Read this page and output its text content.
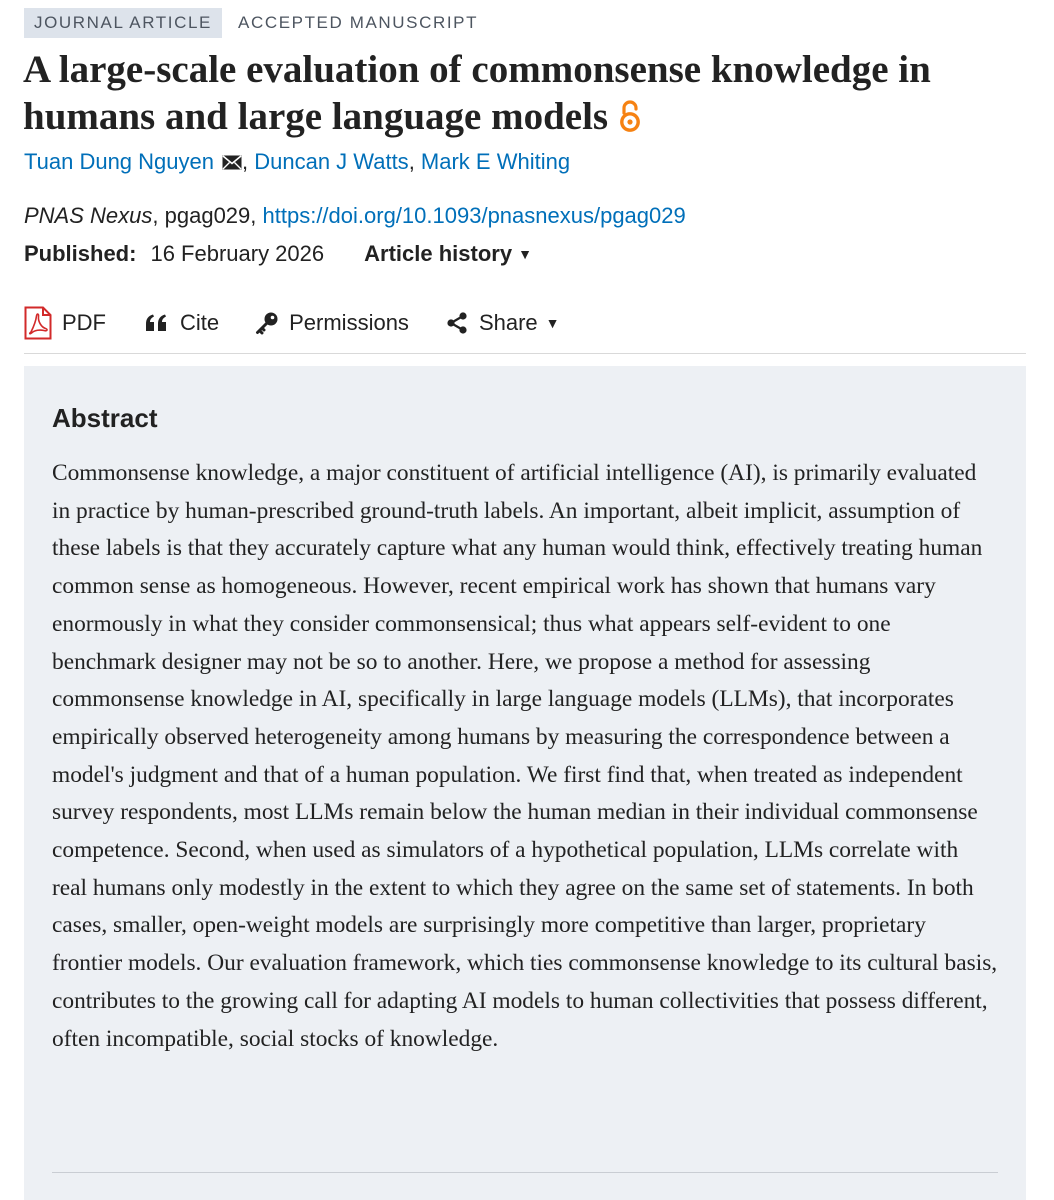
JOURNAL ARTICLE	ACCEPTED MANUSCRIPT
A large-scale evaluation of commonsense knowledge in humans and large language models
Tuan Dung Nguyen , Duncan J Watts, Mark E Whiting
PNAS Nexus, pgag029, https://doi.org/10.1093/pnasnexus/pgag029
Published: 16 February 2026 Article history ▼
PDF	Cite	Permissions	Share ▼
Abstract

Commonsense knowledge, a major constituent of artificial intelligence (AI), is primarily evaluated in practice by human-prescribed ground-truth labels. An important, albeit implicit, assumption of these labels is that they accurately capture what any human would think, effectively treating human common sense as homogeneous. However, recent empirical work has shown that humans vary enormously in what they consider commonsensical; thus what appears self-evident to one benchmark designer may not be so to another. Here, we propose a method for assessing commonsense knowledge in AI, specifically in large language models (LLMs), that incorporates empirically observed heterogeneity among humans by measuring the correspondence between a model's judgment and that of a human population. We first find that, when treated as independent survey respondents, most LLMs remain below the human median in their individual commonsense competence. Second, when used as simulators of a hypothetical population, LLMs correlate with real humans only modestly in the extent to which they agree on the same set of statements. In both cases, smaller, open-weight models are surprisingly more competitive than larger, proprietary frontier models. Our evaluation framework, which ties commonsense knowledge to its cultural basis, contributes to the growing call for adapting AI models to human collectivities that possess different, often incompatible, social stocks of knowledge.
